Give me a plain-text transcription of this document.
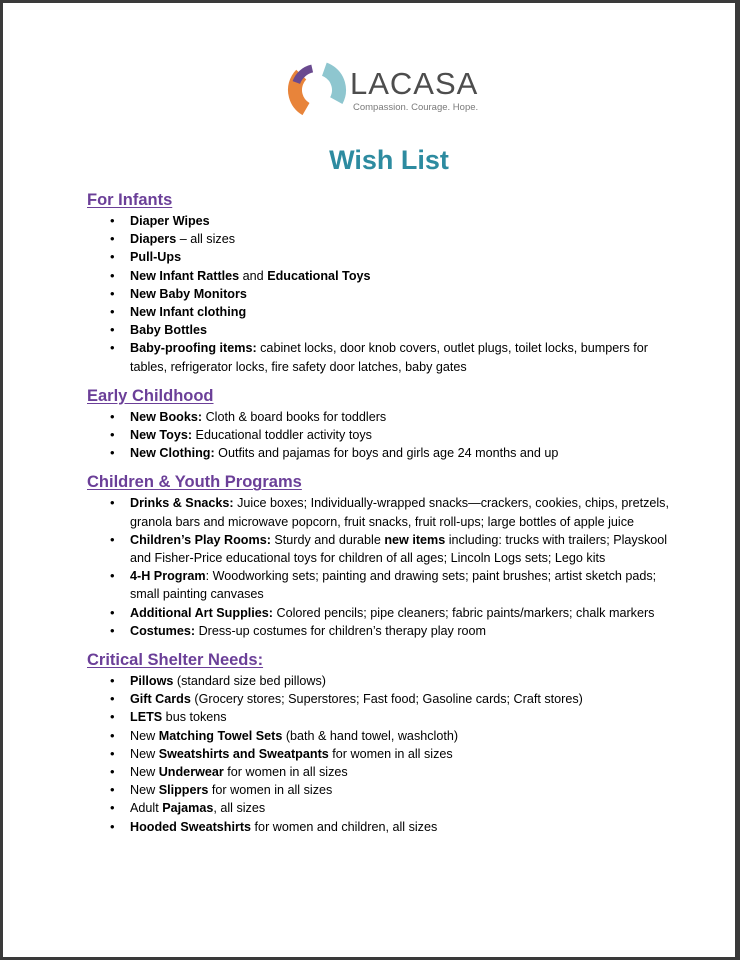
LACASA
Compassion. Courage. Hope.
Wish List
For Infants
• Diaper Wipes
• Diapers – all sizes
• Pull-Ups
• New Infant Rattles and Educational Toys
• New Baby Monitors
• New Infant clothing
• Baby Bottles
• Baby-proofing items: cabinet locks, door knob covers, outlet plugs, toilet locks, bumpers for tables, refrigerator locks, fire safety door latches, baby gates
Early Childhood
• New Books: Cloth & board books for toddlers
• New Toys: Educational toddler activity toys
• New Clothing: Outfits and pajamas for boys and girls age 24 months and up
Children & Youth Programs
• Drinks & Snacks: Juice boxes; Individually-wrapped snacks—crackers, cookies, chips, pretzels, granola bars and microwave popcorn, fruit snacks, fruit roll-ups; large bottles of apple juice
• Children’s Play Rooms: Sturdy and durable new items including: trucks with trailers; Playskool and Fisher-Price educational toys for children of all ages; Lincoln Logs sets; Lego kits
• 4-H Program: Woodworking sets; painting and drawing sets; paint brushes; artist sketch pads; small painting canvases
• Additional Art Supplies: Colored pencils; pipe cleaners; fabric paints/markers; chalk markers
• Costumes: Dress-up costumes for children’s therapy play room
Critical Shelter Needs:
• Pillows (standard size bed pillows)
• Gift Cards (Grocery stores; Superstores; Fast food; Gasoline cards; Craft stores)
• LETS bus tokens
• New Matching Towel Sets (bath & hand towel, washcloth)
• New Sweatshirts and Sweatpants for women in all sizes
• New Underwear for women in all sizes
• New Slippers for women in all sizes
• Adult Pajamas, all sizes
• Hooded Sweatshirts for women and children, all sizes
